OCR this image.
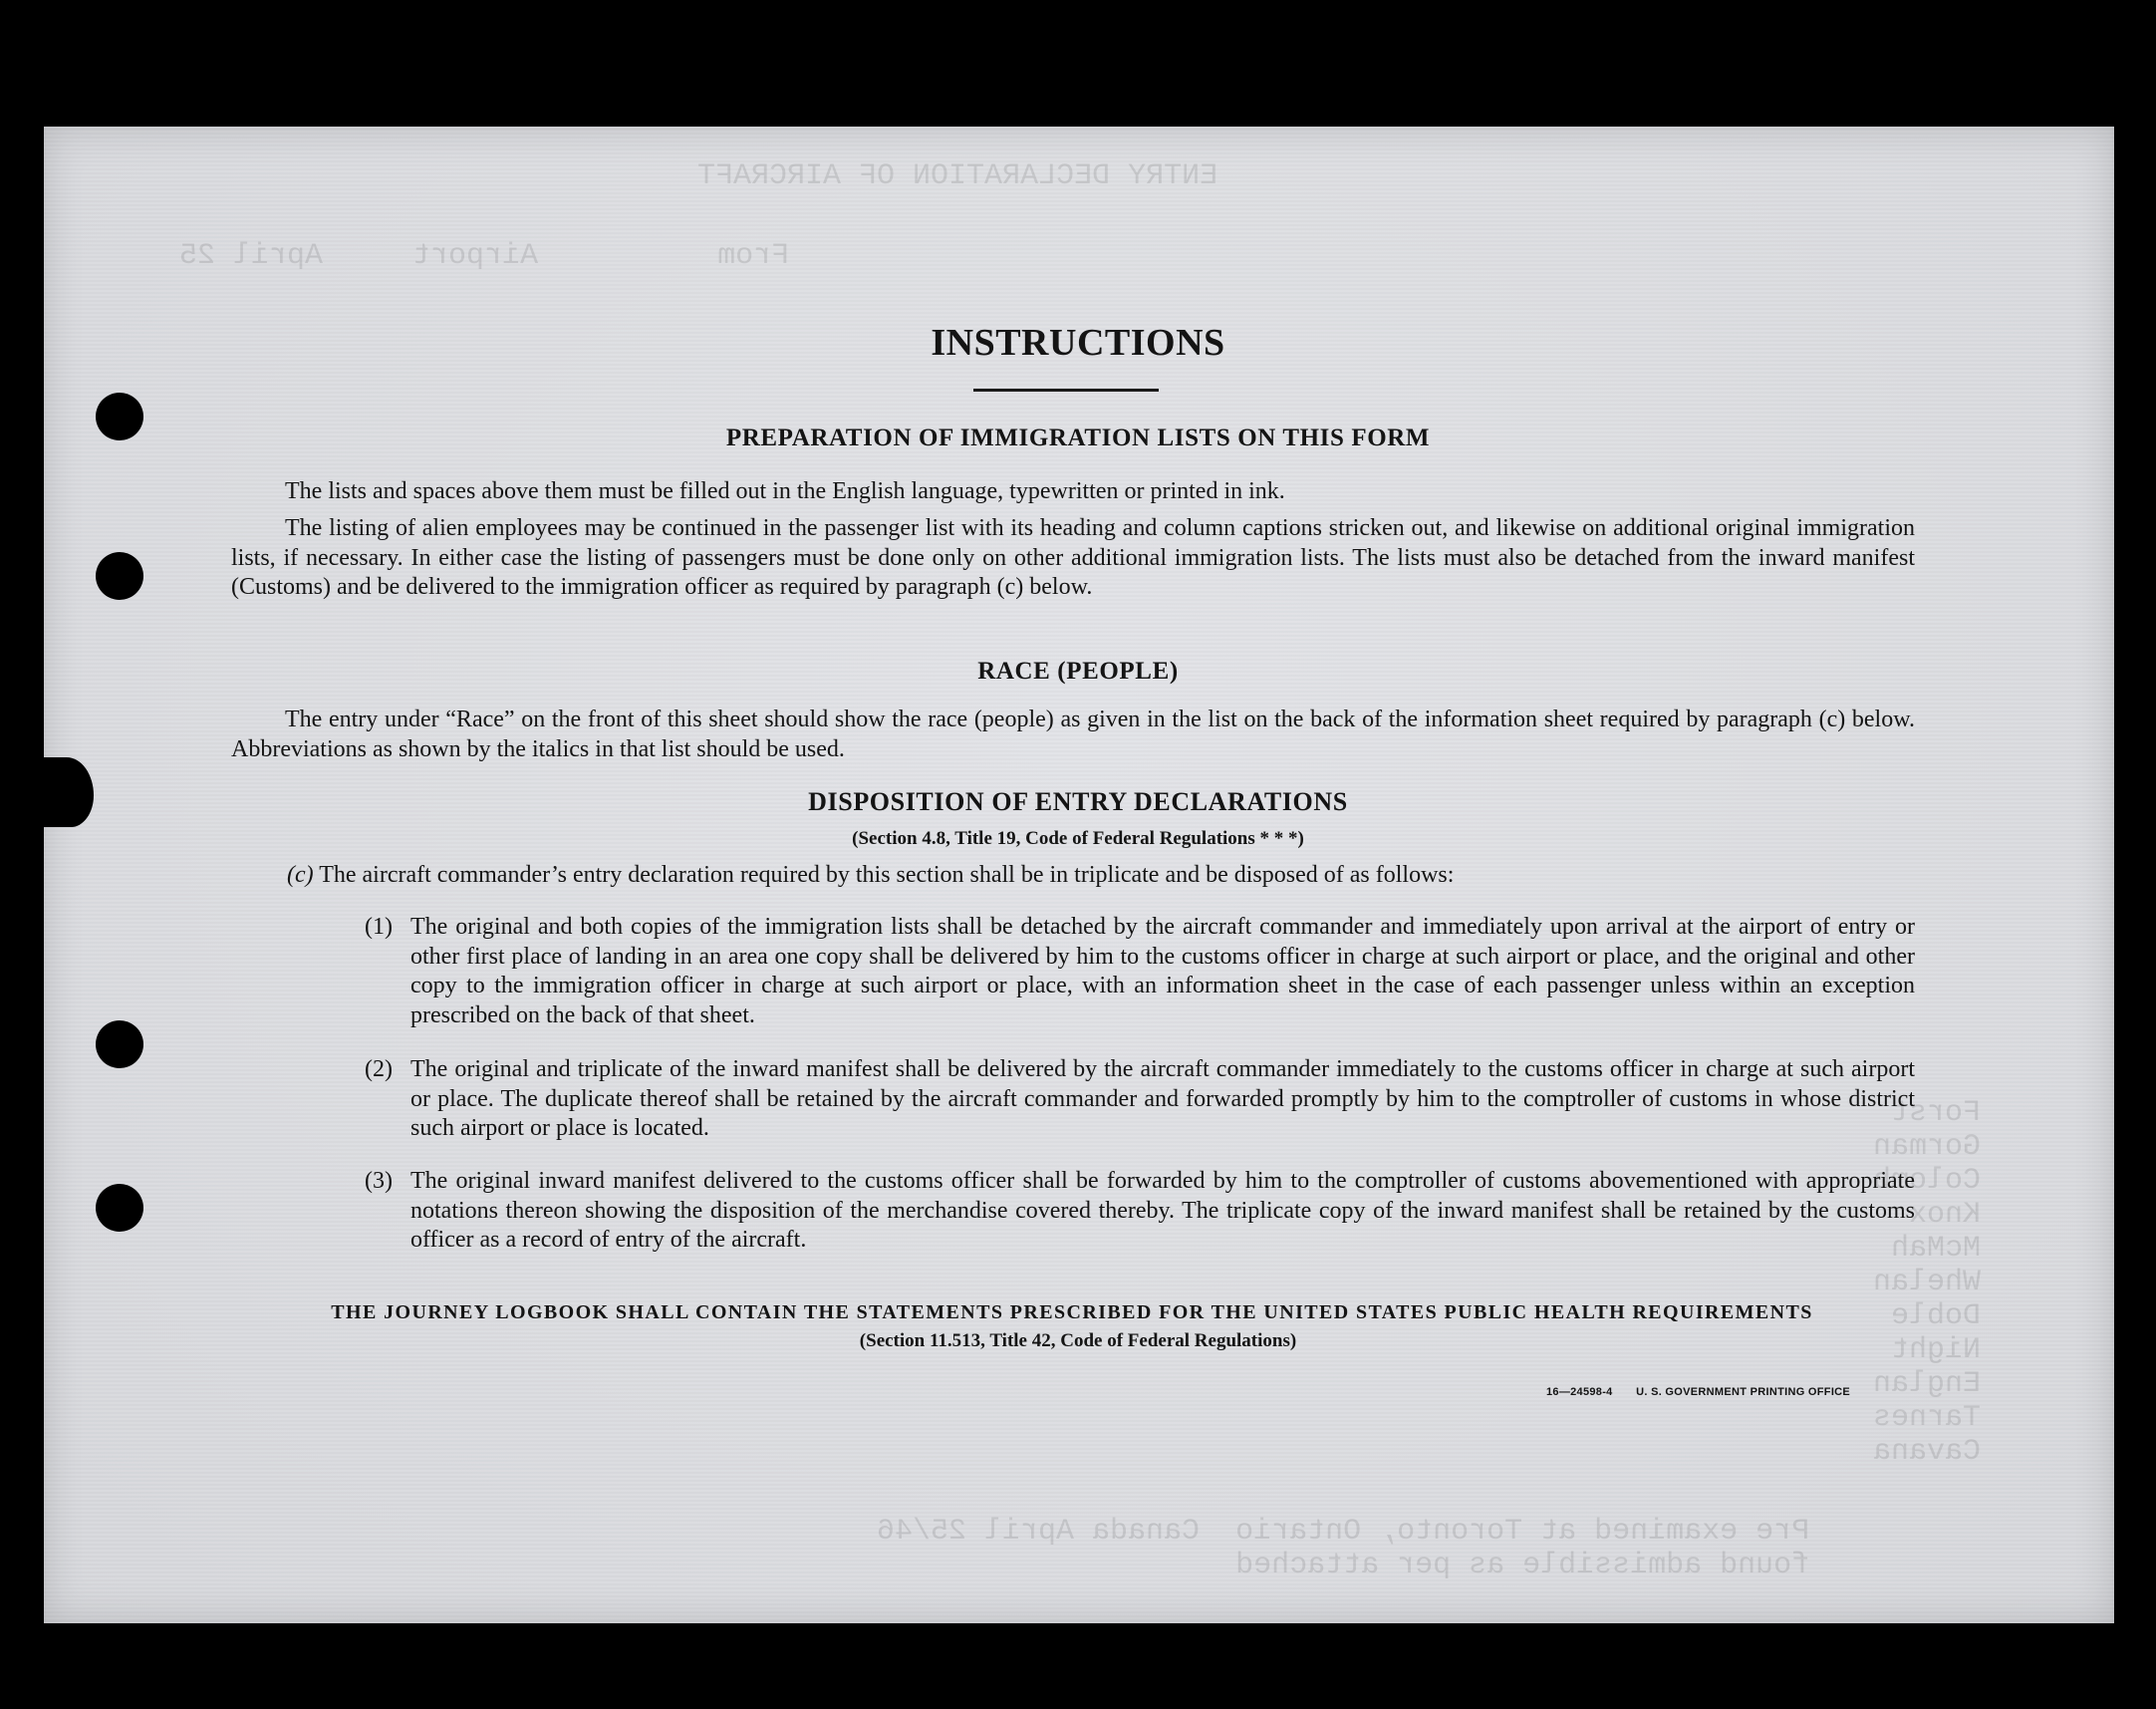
ENTRY DECLARATION OF AIRCRAFT
From          Airport     April 25
Forst
Gorman
Colomb
Knox
McMah
Whelan
Doble
Night
Englan
Tarnes
Cavana
Pre examined at Toronto, Ontario  Canada April 25/46
found admissible as per attached
INSTRUCTIONS
PREPARATION OF IMMIGRATION LISTS ON THIS FORM
The lists and spaces above them must be filled out in the English language, typewritten or printed in ink.
The listing of alien employees may be continued in the passenger list with its heading and column captions stricken out, and likewise on additional original immigration lists, if necessary. In either case the listing of passengers must be done only on other additional immigration lists. The lists must also be detached from the inward manifest (Customs) and be delivered to the immigration officer as required by paragraph (c) below.
RACE (PEOPLE)
The entry under “Race” on the front of this sheet should show the race (people) as given in the list on the back of the information sheet required by paragraph (c) below. Abbreviations as shown by the italics in that list should be used.
DISPOSITION OF ENTRY DECLARATIONS
(Section 4.8, Title 19, Code of Federal Regulations * * *)
(c) The aircraft commander’s entry declaration required by this section shall be in triplicate and be disposed of as follows:
(1) The original and both copies of the immigration lists shall be detached by the aircraft commander and immediately upon arrival at the airport of entry or other first place of landing in an area one copy shall be delivered by him to the customs officer in charge at such airport or place, and the original and other copy to the immigration officer in charge at such airport or place, with an information sheet in the case of each passenger unless within an exception prescribed on the back of that sheet.
(2) The original and triplicate of the inward manifest shall be delivered by the aircraft commander immediately to the customs officer in charge at such airport or place. The duplicate thereof shall be retained by the aircraft commander and forwarded promptly by him to the comptroller of customs in whose district such airport or place is located.
(3) The original inward manifest delivered to the customs officer shall be forwarded by him to the comptroller of customs abovementioned with appropriate notations thereon showing the disposition of the merchandise covered thereby. The triplicate copy of the inward manifest shall be retained by the customs officer as a record of entry of the aircraft.
THE JOURNEY LOGBOOK SHALL CONTAIN THE STATEMENTS PRESCRIBED FOR THE UNITED STATES PUBLIC HEALTH REQUIREMENTS
(Section 11.513, Title 42, Code of Federal Regulations)
16—24598‑4 U. S. GOVERNMENT PRINTING OFFICE
